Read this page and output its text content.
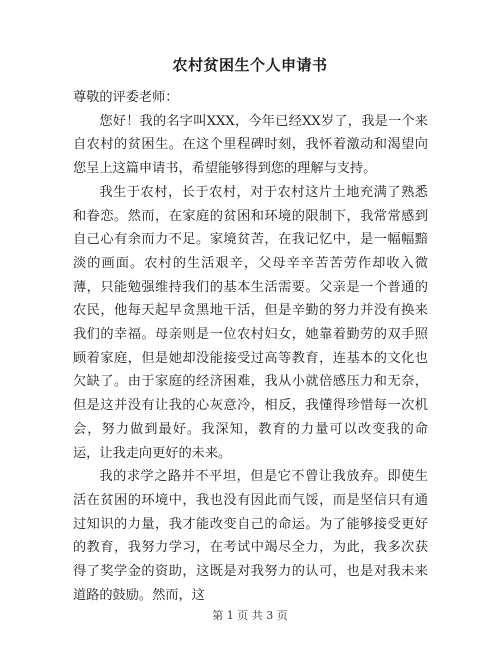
农村贫困生个人申请书

尊敬的评委老师：

您好！我的名字叫XXX，今年已经XX岁了，我是一个来自农村的贫困生。在这个里程碑时刻，我怀着激动和渴望向您呈上这篇申请书，希望能够得到您的理解与支持。

我生于农村，长于农村，对于农村这片土地充满了熟悉和眷恋。然而，在家庭的贫困和环境的限制下，我常常感到自己心有余而力不足。家境贫苦，在我记忆中，是一幅幅黯淡的画面。农村的生活艰辛，父母辛辛苦苦劳作却收入微薄，只能勉强维持我们的基本生活需要。父亲是一个普通的农民，他每天起早贪黑地干活，但是辛勤的努力并没有换来我们的幸福。母亲则是一位农村妇女，她靠着勤劳的双手照顾着家庭，但是她却没能接受过高等教育，连基本的文化也欠缺了。由于家庭的经济困难，我从小就倍感压力和无奈，但是这并没有让我的心灰意冷，相反，我懂得珍惜每一次机会，努力做到最好。我深知，教育的力量可以改变我的命运，让我走向更好的未来。

我的求学之路并不平坦，但是它不曾让我放弃。即使生活在贫困的环境中，我也没有因此而气馁，而是坚信只有通过知识的力量，我才能改变自己的命运。为了能够接受更好的教育，我努力学习，在考试中竭尽全力，为此，我多次获得了奖学金的资助，这既是对我努力的认可，也是对我未来道路的鼓励。然而，这

第 1 页 共 3 页
